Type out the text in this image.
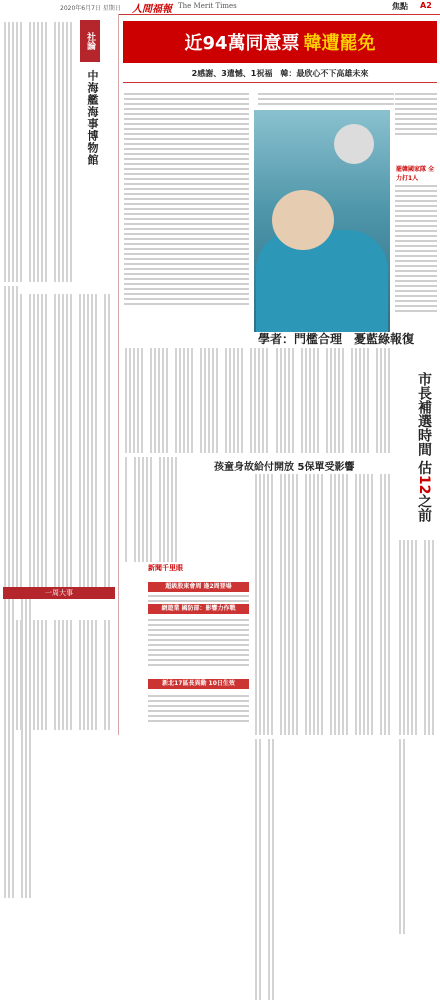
2020年6月7日 星期日 人間福報 The Merit Times	焦點 A2

社論
中海艦海事博物館
一周大事
近94萬同意票 韓遭罷免
2感謝、3遺憾、1祝福　韓：最欣心不下高雄未來
罷韓國家隊 全力打1人
學者：門檻合理　憂藍綠報復

市長補選時間 估12之前

孩童身故給付開放 5保單受影響

新聞千里眼
超級股東會周 逢2周登場
網遊業 國防部：影響力作戰
新北17區長異動 10日生效
